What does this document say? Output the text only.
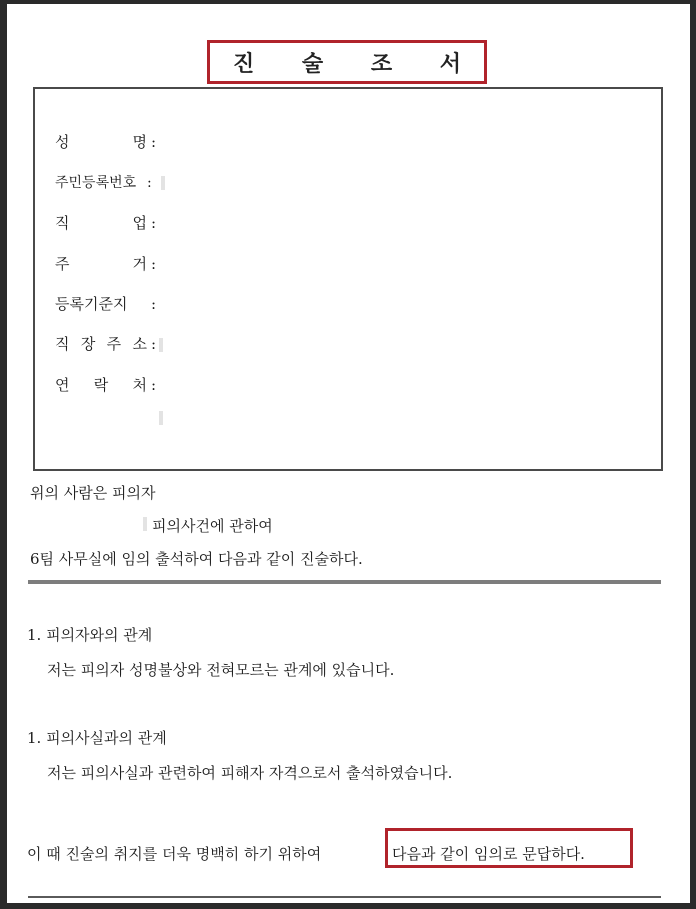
진 술 조 서
성 명 :
주민등록번호 :
직 업 :
주 거 :
등록기준지	:
직 장 주 소 :
연 락 처 :
위의 사람은 피의자
피의사건에 관하여
6팀 사무실에 임의 출석하여 다음과 같이 진술하다.
1. 피의자와의 관계
저는 피의자 성명불상와 전혀모르는 관계에 있습니다.
1. 피의사실과의 관계
저는 피의사실과 관련하여 피해자 자격으로서 출석하였습니다.
이 때 진술의 취지를 더욱 명백히 하기 위하여	다음과 같이 임의로 문답하다.
